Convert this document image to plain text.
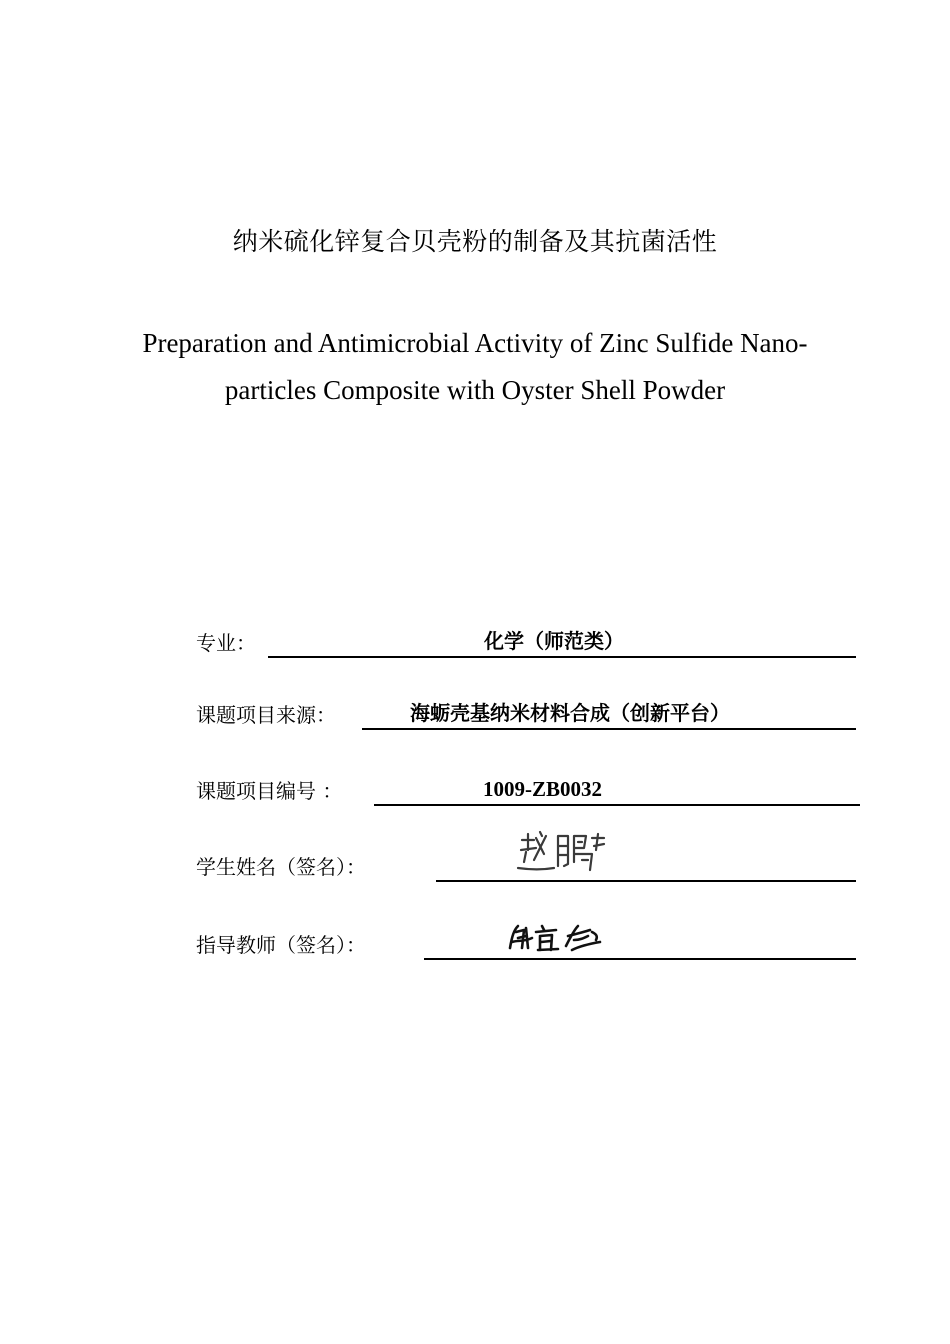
纳米硫化锌复合贝壳粉的制备及其抗菌活性
Preparation and Antimicrobial Activity of Zinc Sulfide Nano-
particles Composite with Oyster Shell Powder
专业：	化学（师范类）
课题项目来源：	海蛎壳基纳米材料合成（创新平台）
课题项目编号 ：	1009-ZB0032
学生姓名（签名）：
指导教师（签名）：
